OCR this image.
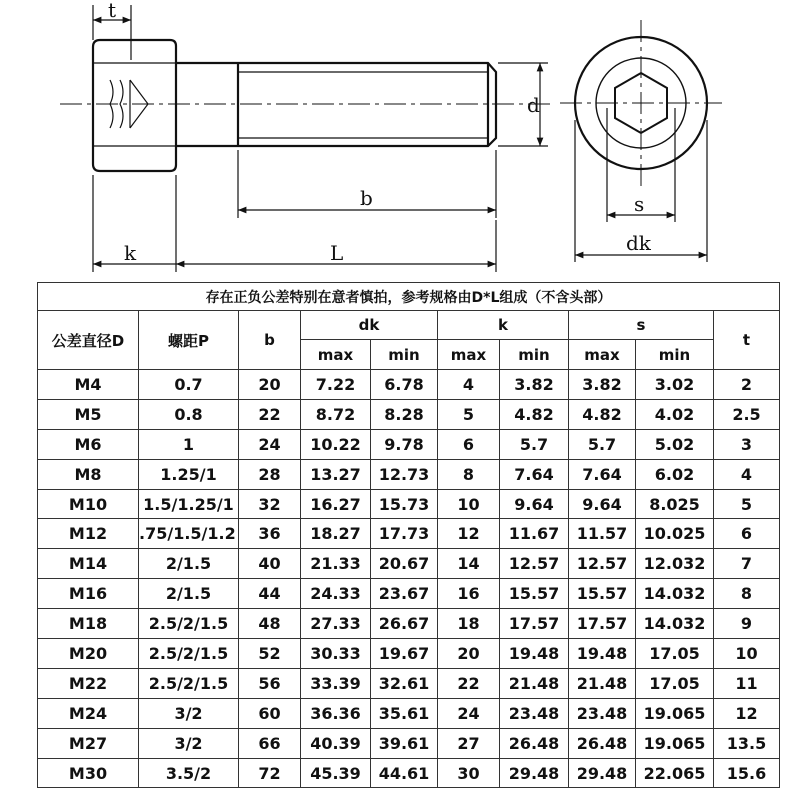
t
d
b
k	L
s
dk
存在正负公差特别在意者慎拍，参考规格由D*L组成（不含头部）									
公差直径D	螺距P	b	dk		k		s		t
			max	min	max	min	max	min	
M4	0.7	20	7.22	6.78	4	3.82	3.82	3.02	2
M5	0.8	22	8.72	8.28	5	4.82	4.82	4.02	2.5
M6	1	24	10.22	9.78	6	5.7	5.7	5.02	3
M8	1.25/1	28	13.27	12.73	8	7.64	7.64	6.02	4
M10	1.5/1.25/1	32	16.27	15.73	10	9.64	9.64	8.025	5
M12	.75/1.5/1.2	36	18.27	17.73	12	11.67	11.57	10.025	6
M14	2/1.5	40	21.33	20.67	14	12.57	12.57	12.032	7
M16	2/1.5	44	24.33	23.67	16	15.57	15.57	14.032	8
M18	2.5/2/1.5	48	27.33	26.67	18	17.57	17.57	14.032	9
M20	2.5/2/1.5	52	30.33	19.67	20	19.48	19.48	17.05	10
M22	2.5/2/1.5	56	33.39	32.61	22	21.48	21.48	17.05	11
M24	3/2	60	36.36	35.61	24	23.48	23.48	19.065	12
M27	3/2	66	40.39	39.61	27	26.48	26.48	19.065	13.5
M30	3.5/2	72	45.39	44.61	30	29.48	29.48	22.065	15.6
